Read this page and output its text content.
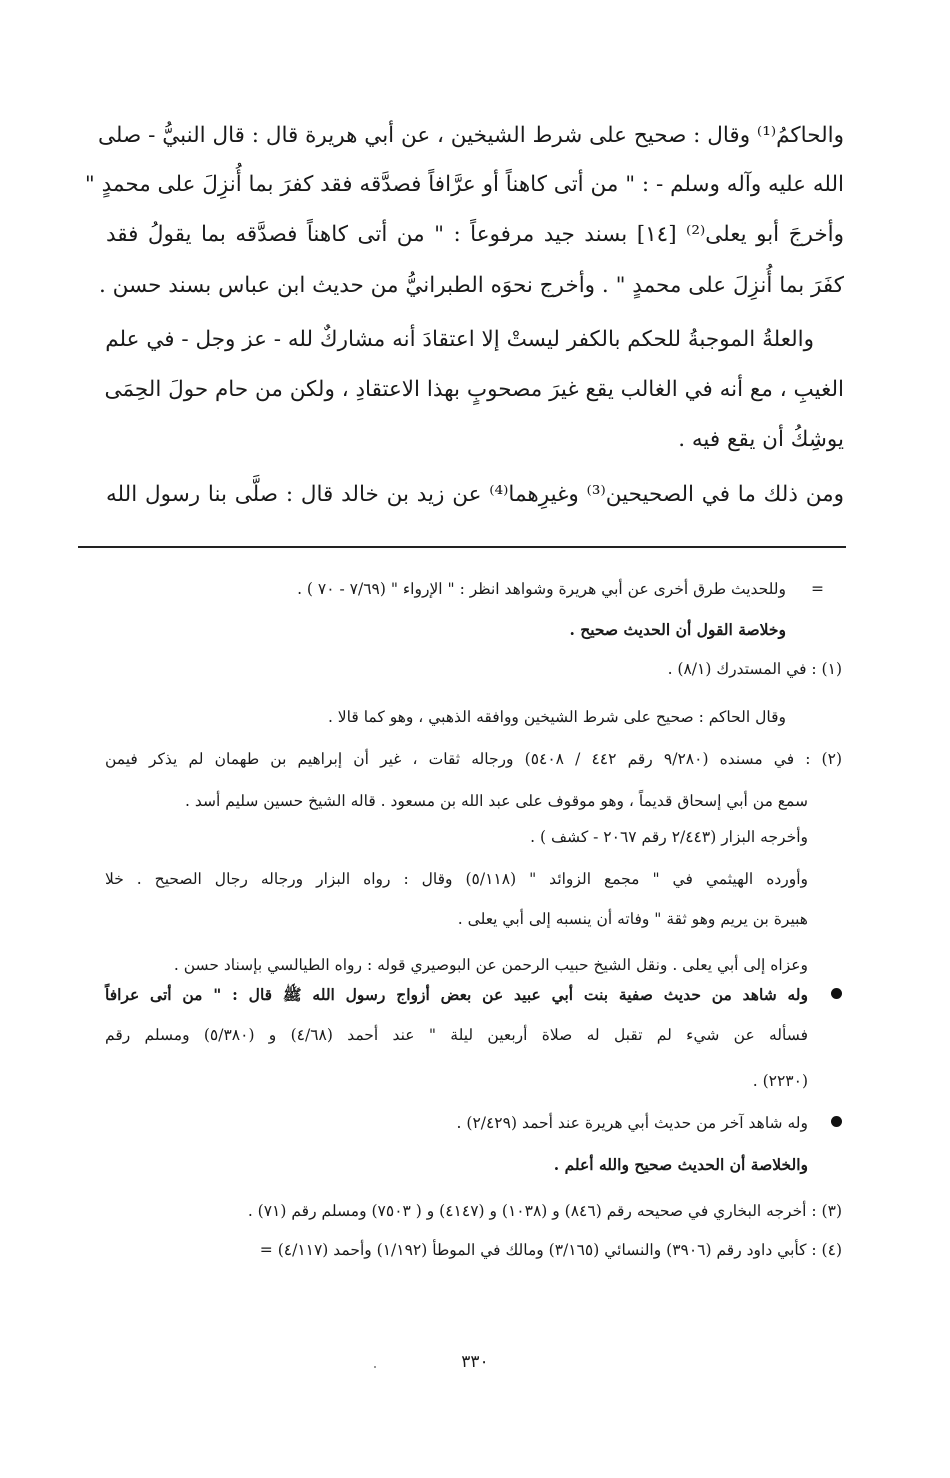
والحاكمُ⁽¹⁾ وقال : صحيح على شرط الشيخين ، عن أبي هريرة قال : قال النبيُّ - صلى
الله عليه وآله وسلم - : " من أتى كاهناً أو عرَّافاً فصدَّقه فقد كفرَ بما أُنزِلَ على محمدٍ "
وأخرجَ أبو يعلى⁽²⁾ [١٤] بسند جيد مرفوعاً : " من أتى كاهناً فصدَّقه بما يقولُ فقد
كفَرَ بما أُنزِلَ على محمدٍ " . وأخرج نحوَه الطبرانيُّ من حديث ابن عباس بسند حسن .
والعلةُ الموجبةُ للحكم بالكفر ليستْ إلا اعتقادَ أنه مشاركٌ لله - عز وجل - في علم
الغيبِ ، مع أنه في الغالب يقع غيرَ مصحوبٍ بهذا الاعتقادِ ، ولكن من حام حولَ الحِمَى
يوشِكُ أن يقع فيه .
ومن ذلك ما في الصحيحين⁽³⁾ وغيرِهما⁽⁴⁾ عن زيد بن خالد قال : صلَّى بنا رسول الله
=
وللحديث طرق أخرى عن أبي هريرة وشواهد انظر : " الإرواء " (٧/٦٩ - ٧٠ ) .
وخلاصة القول أن الحديث صحيح .
(١) : في المستدرك (٨/١) .
وقال الحاكم : صحيح على شرط الشيخين ووافقه الذهبي ، وهو كما قالا .
(٢) : في مسنده (٩/٢٨٠ رقم ٤٤٢ / ٥٤٠٨) ورجاله ثقات ، غير أن إبراهيم بن طهمان لم يذكر فيمن
سمع من أبي إسحاق قديماً ، وهو موقوف على عبد الله بن مسعود . قاله الشيخ حسين سليم أسد .
وأخرجه البزار (٢/٤٤٣ رقم ٢٠٦٧ - كشف ) .
وأورده الهيثمي في " مجمع الزوائد " (٥/١١٨) وقال : رواه البزار ورجاله رجال الصحيح . خلا
هبيرة بن يريم وهو ثقة " وفاته أن ينسبه إلى أبي يعلى .
وعزاه إلى أبي يعلى . ونقل الشيخ حبيب الرحمن عن البوصيري قوله : رواه الطيالسي بإسناد حسن .
وله شاهد من حديث صفية بنت أبي عبيد عن بعض أزواج رسول الله ﷺ قال : " من أتى عرافاً
فسأله عن شيء لم تقبل له صلاة أربعين ليلة " عند أحمد (٤/٦٨) و (٥/٣٨٠) ومسلم رقم
(٢٢٣٠) .
وله شاهد آخر من حديث أبي هريرة عند أحمد (٢/٤٢٩) .
والخلاصة أن الحديث صحيح والله أعلم .
(٣) : أخرجه البخاري في صحيحه رقم (٨٤٦) و (١٠٣٨) و (٤١٤٧) و ( ٧٥٠٣) ومسلم رقم (٧١) .
(٤) : كأبي داود رقم (٣٩٠٦) والنسائي (٣/١٦٥) ومالك في الموطأ (١/١٩٢) وأحمد (٤/١١٧) =
٣٣٠
